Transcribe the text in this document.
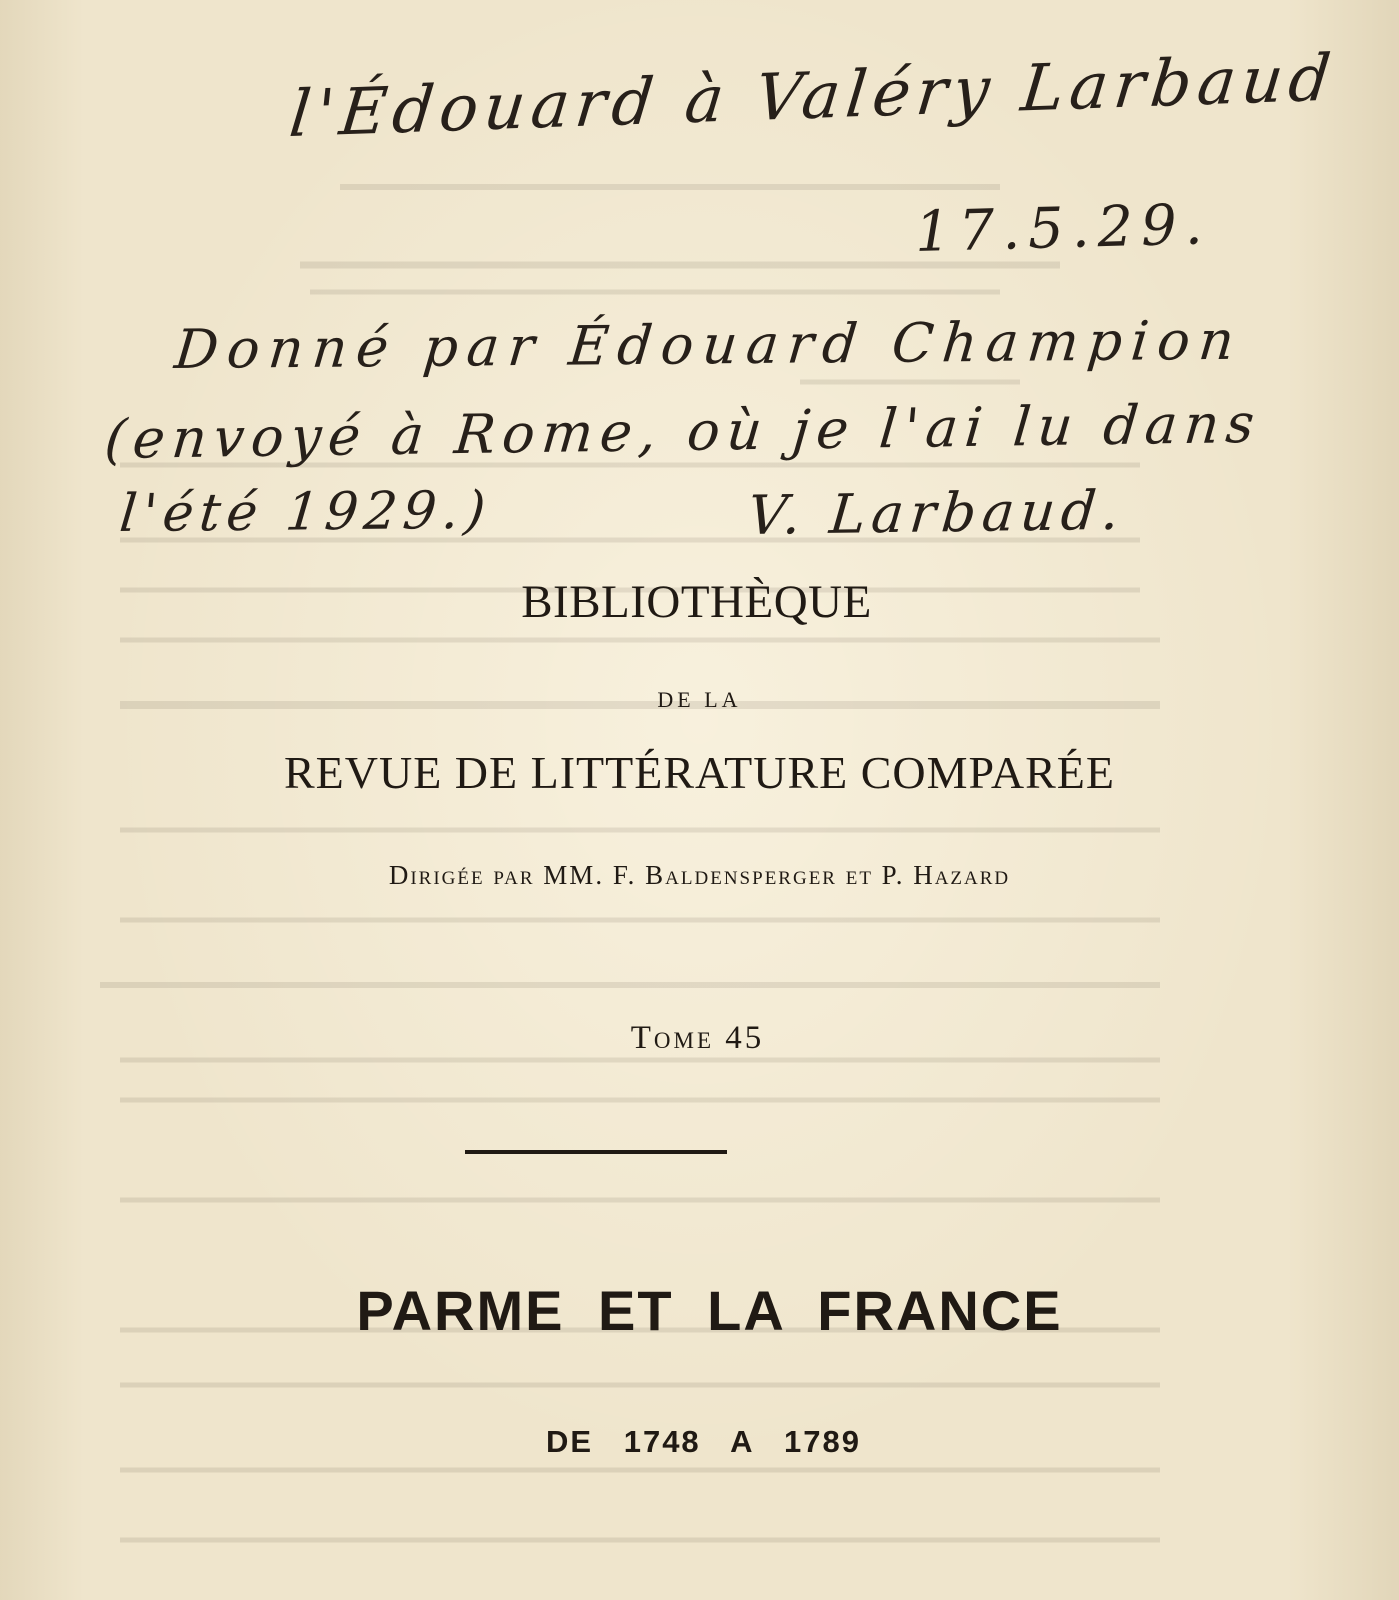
l'Édouard à Valéry Larbaud
17.5.29.
Donné par Édouard Champion
(envoyé à Rome, où je l'ai lu dans
l'été 1929.)	V. Larbaud.
BIBLIOTHÈQUE
DE LA
REVUE DE LITTÉRATURE COMPARÉE
Dirigée par MM. F. Baldensperger et P. Hazard
Tome 45
PARME ET LA FRANCE
DE 1748 A 1789
